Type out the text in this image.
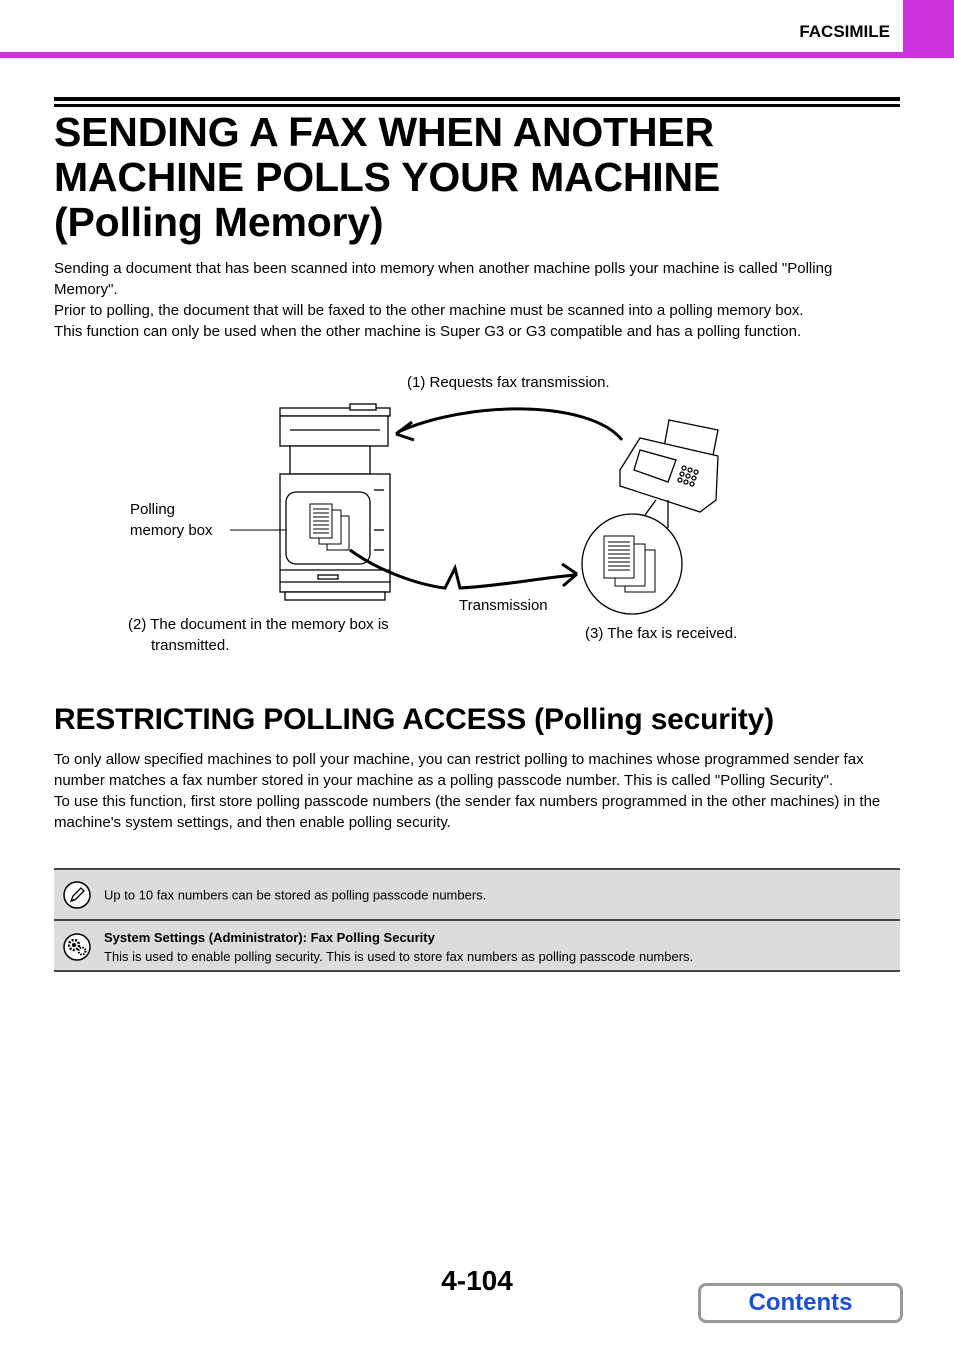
FACSIMILE
SENDING A FAX WHEN ANOTHER
MACHINE POLLS YOUR MACHINE
(Polling Memory)

Sending a document that has been scanned into memory when another machine polls your machine is called "Polling Memory".

Prior to polling, the document that will be faxed to the other machine must be scanned into a polling memory box.

This function can only be used when the other machine is Super G3 or G3 compatible and has a polling function.

(1) Requests fax transmission.
Polling
memory box
Transmission
(2) The document in the memory box is
transmitted.
(3) The fax is received.
RESTRICTING POLLING ACCESS (Polling security)

To only allow specified machines to poll your machine, you can restrict polling to machines whose programmed sender fax number matches a fax number stored in your machine as a polling passcode number. This is called "Polling Security".

To use this function, first store polling passcode numbers (the sender fax numbers programmed in the other machines) in the machine's system settings, and then enable polling security.

Up to 10 fax numbers can be stored as polling passcode numbers.
System Settings (Administrator): Fax Polling Security
This is used to enable polling security. This is used to store fax numbers as polling passcode numbers.
4-104
Contents
